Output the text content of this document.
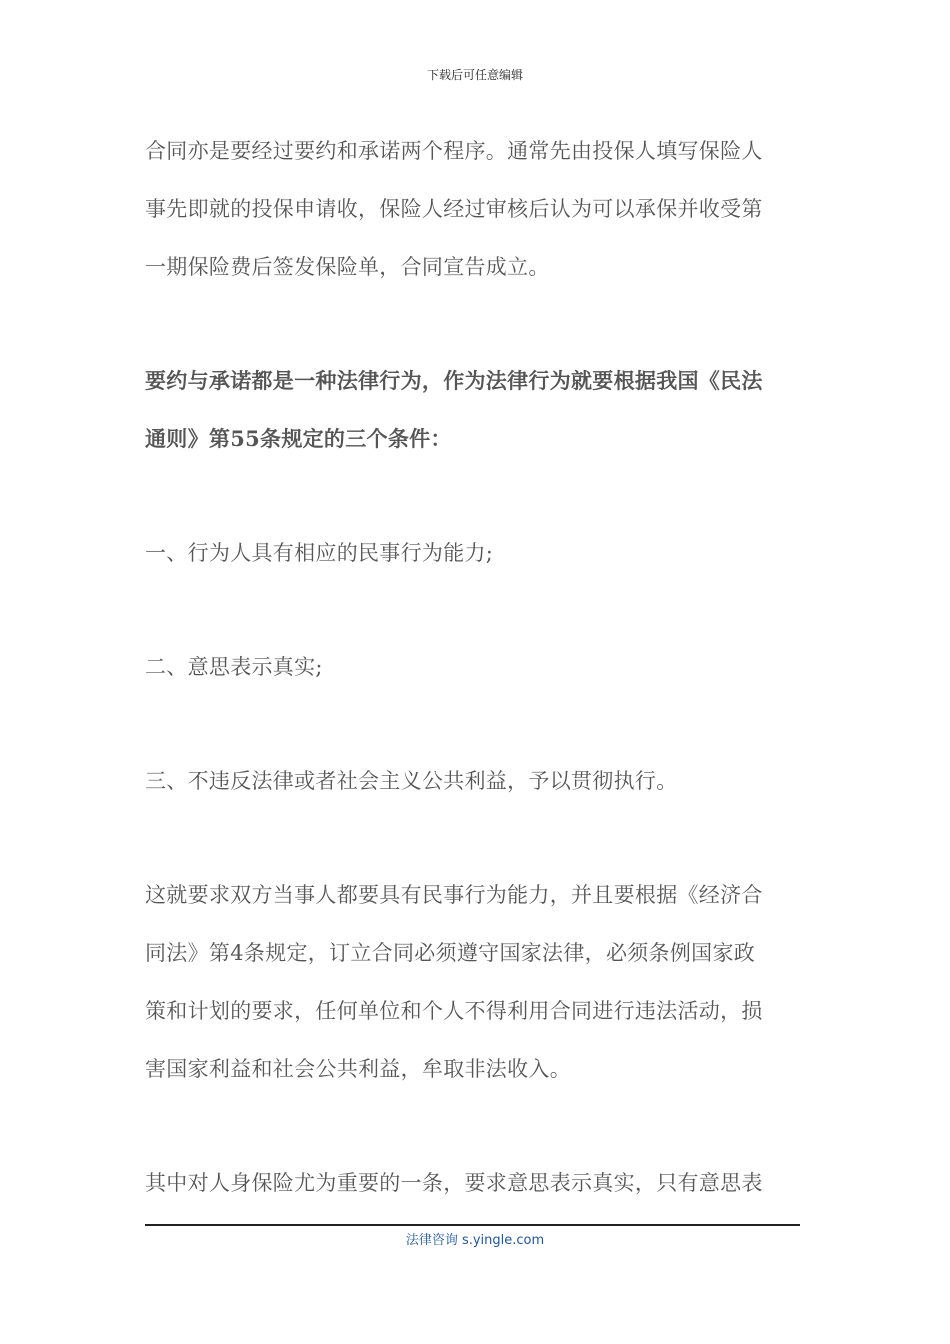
下载后可任意编辑

合同亦是要经过要约和承诺两个程序。通常先由投保人填写保险人

事先即就的投保申请收，保险人经过审核后认为可以承保并收受第

一期保险费后签发保险单，合同宣告成立。

要约与承诺都是一种法律行为，作为法律行为就要根据我国《民法

通则》第55条规定的三个条件：

一、行为人具有相应的民事行为能力;

二、意思表示真实;

三、不违反法律或者社会主义公共利益，予以贯彻执行。

这就要求双方当事人都要具有民事行为能力，并且要根据《经济合

同法》第4条规定，订立合同必须遵守国家法律，必须条例国家政

策和计划的要求，任何单位和个人不得利用合同进行违法活动，损

害国家利益和社会公共利益，牟取非法收入。

其中对人身保险尤为重要的一条，要求意思表示真实，只有意思表

法律咨询 s.yingle.com
